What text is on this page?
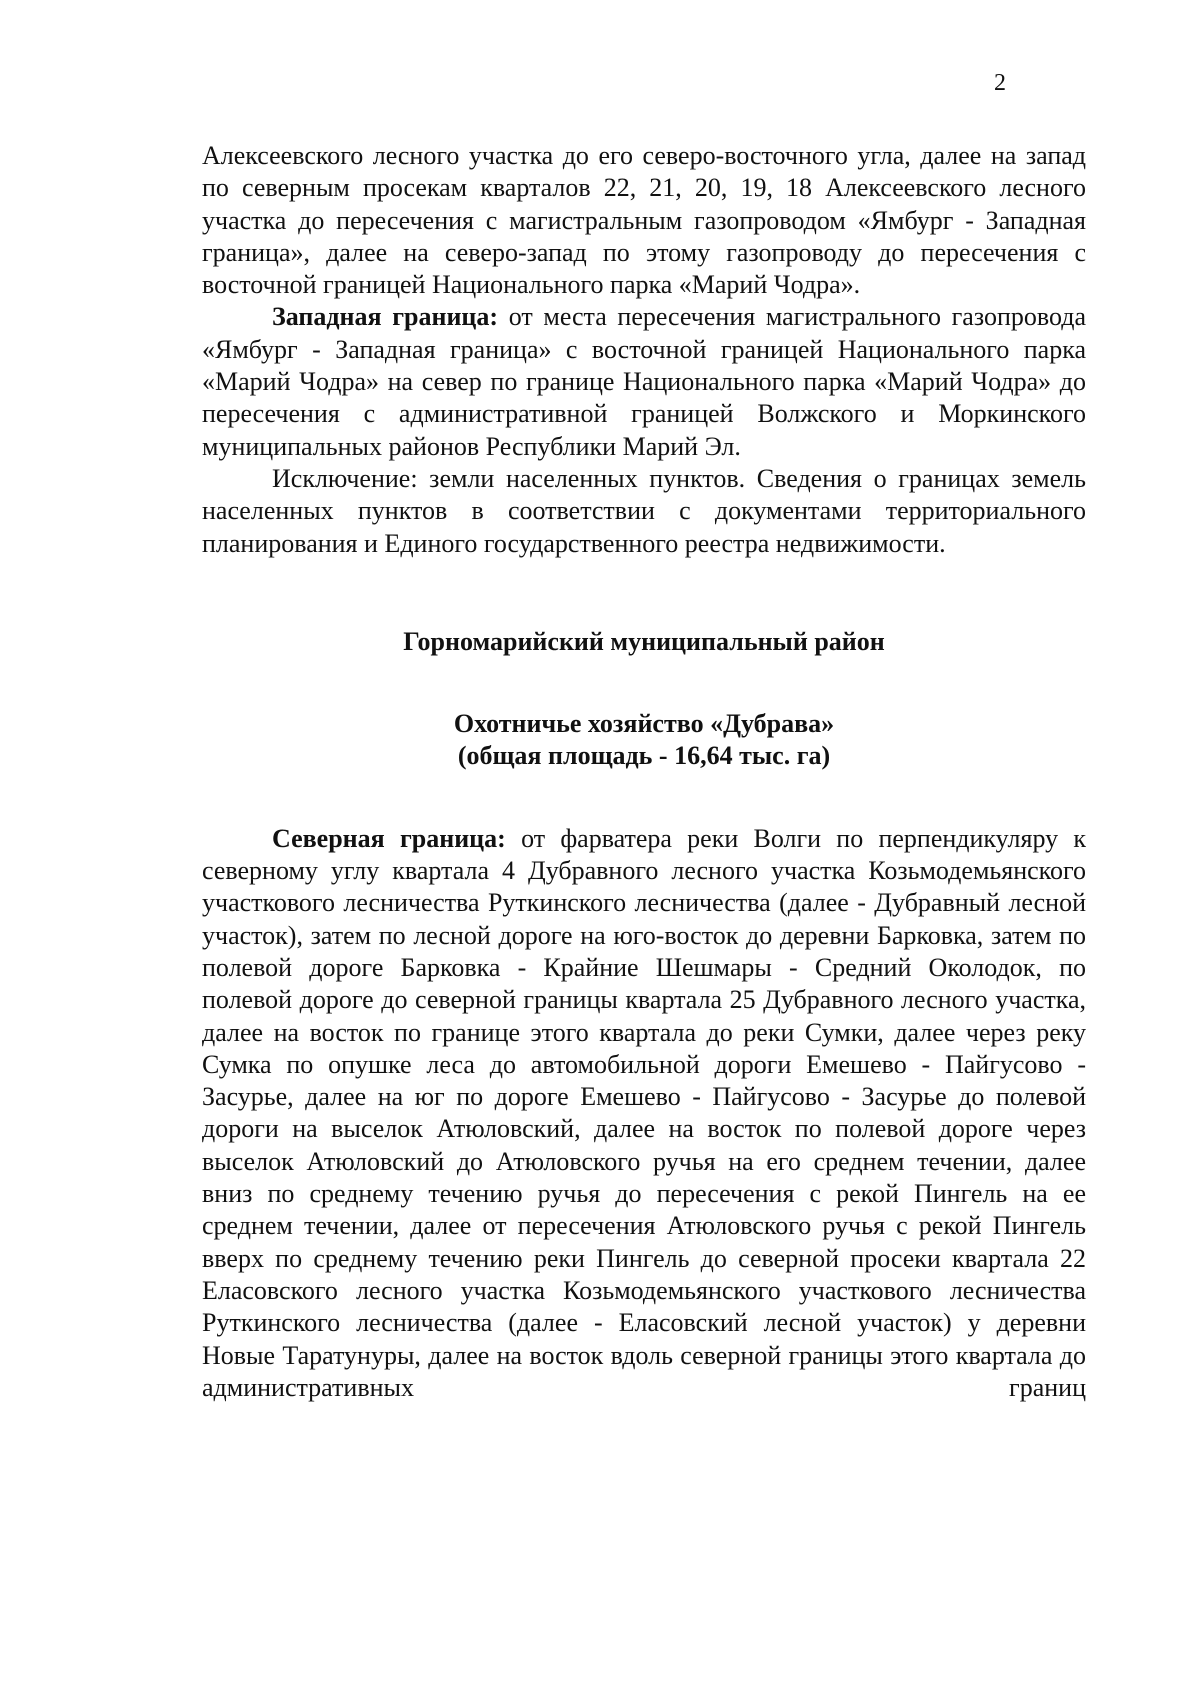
2

Алексеевского лесного участка до его северо-восточного угла, далее на запад по северным просекам кварталов 22, 21, 20, 19, 18 Алексеевского лесного участка до пересечения с магистральным газопроводом «Ямбург - Западная граница», далее на северо-запад по этому газопроводу до пересечения с восточной границей Национального парка «Марий Чодра».

Западная граница: от места пересечения магистрального газопровода «Ямбург - Западная граница» с восточной границей Национального парка «Марий Чодра» на север по границе Национального парка «Марий Чодра» до пересечения с административной границей Волжского и Моркинского муниципальных районов Республики Марий Эл.

Исключение: земли населенных пунктов. Сведения о границах земель населенных пунктов в соответствии с документами территориального планирования и Единого государственного реестра недвижимости.

Горномарийский муниципальный район

Охотничье хозяйство «Дубрава»

(общая площадь - 16,64 тыс. га)

Северная граница: от фарватера реки Волги по перпендикуляру к северному углу квартала 4 Дубравного лесного участка Козьмодемьянского участкового лесничества Руткинского лесничества (далее - Дубравный лесной участок), затем по лесной дороге на юго-восток до деревни Барковка, затем по полевой дороге Барковка - Крайние Шешмары - Средний Околодок, по полевой дороге до северной границы квартала 25 Дубравного лесного участка, далее на восток по границе этого квартала до реки Сумки, далее через реку Сумка по опушке леса до автомобильной дороги Емешево - Пайгусово - Засурье, далее на юг по дороге Емешево - Пайгусово - Засурье до полевой дороги на выселок Атюловский, далее на восток по полевой дороге через выселок Атюловский до Атюловского ручья на его среднем течении, далее вниз по среднему течению ручья до пересечения с рекой Пингель на ее среднем течении, далее от пересечения Атюловского ручья с рекой Пингель вверх по среднему течению реки Пингель до северной просеки квартала 22 Еласовского лесного участка Козьмодемьянского участкового лесничества Руткинского лесничества (далее - Еласовский лесной участок) у деревни Новые Таратунуры, далее на восток вдоль северной границы этого квартала до административных границ
